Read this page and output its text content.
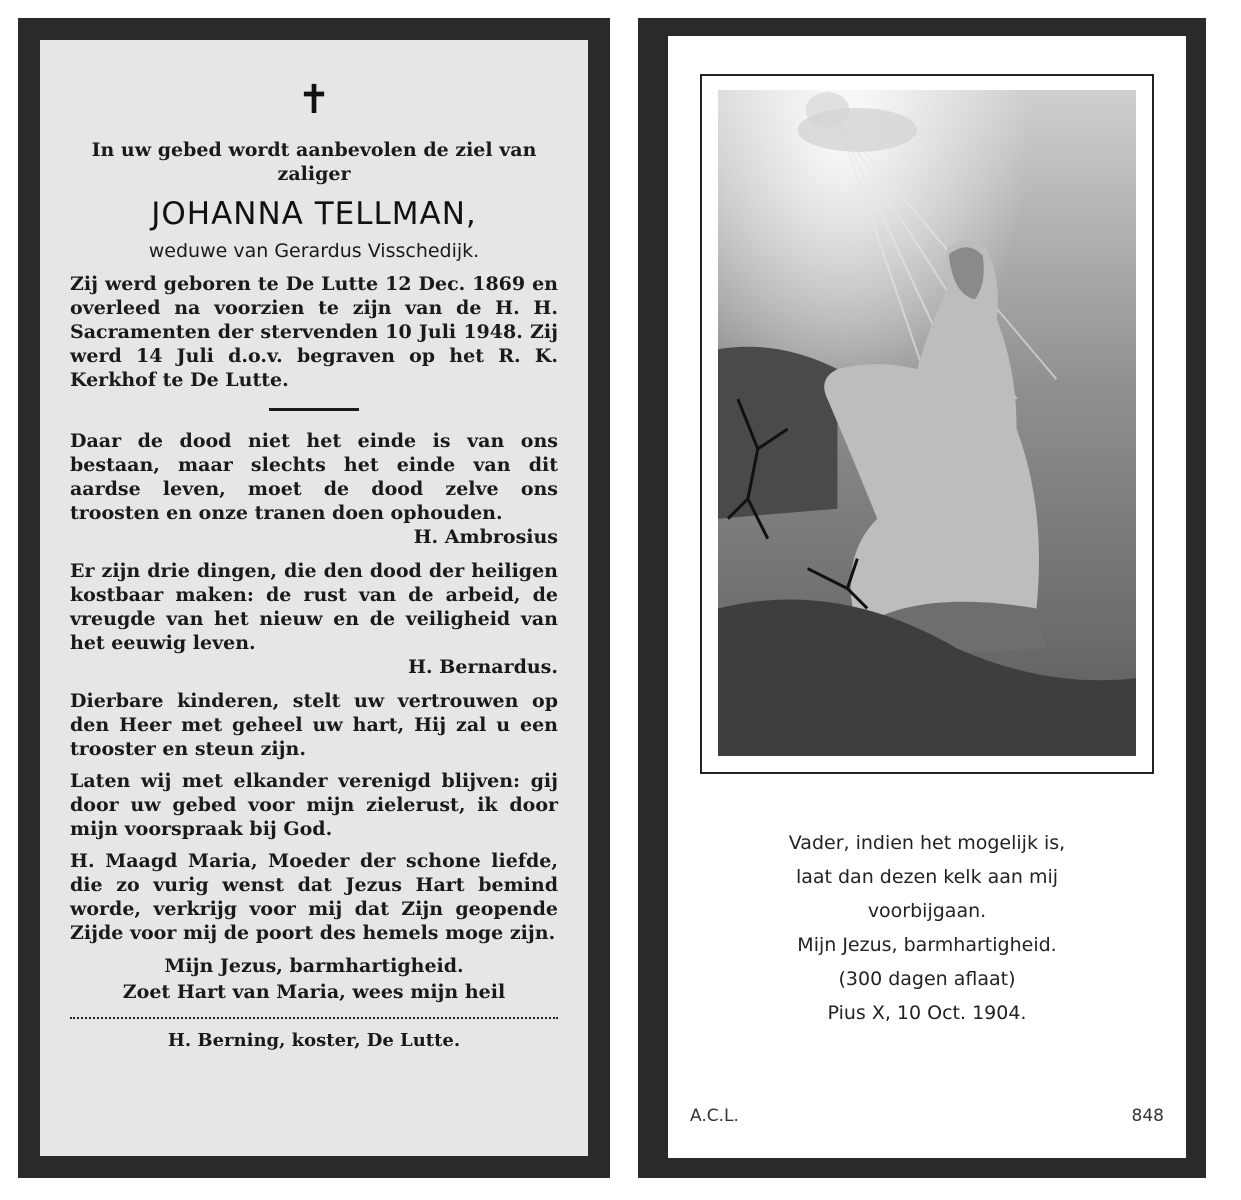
✝

In uw gebed wordt aanbevolen de ziel van zaliger

JOHANNA TELLMAN,
weduwe van Gerardus Visschedijk.

Zij werd geboren te De Lutte 12 Dec. 1869 en overleed na voorzien te zijn van de H. H. Sacramenten der stervenden 10 Juli 1948. Zij werd 14 Juli d.o.v. begraven op het R. K. Kerkhof te De Lutte.

Daar de dood niet het einde is van ons bestaan, maar slechts het einde van dit aardse leven, moet de dood zelve ons troosten en onze tranen doen ophouden.

H. Ambrosius

Er zijn drie dingen, die den dood der heiligen kostbaar maken: de rust van de arbeid, de vreugde van het nieuw en de veiligheid van het eeuwig leven.

H. Bernardus.

Dierbare kinderen, stelt uw vertrouwen op den Heer met geheel uw hart, Hij zal u een trooster en steun zijn.

Laten wij met elkander verenigd blijven: gij door uw gebed voor mijn zielerust, ik door mijn voorspraak bij God.

H. Maagd Maria, Moeder der schone liefde, die zo vurig wenst dat Jezus Hart bemind worde, verkrijg voor mij dat Zijn geopende Zijde voor mij de poort des hemels moge zijn.

Mijn Jezus, barmhartigheid.
Zoet Hart van Maria, wees mijn heil
H. Berning, koster, De Lutte.
Vader, indien het mogelijk is,
laat dan dezen kelk aan mij
voorbijgaan.
Mijn Jezus, barmhartigheid.
(300 dagen aflaat)
Pius X, 10 Oct. 1904.
A.C.L.	848
